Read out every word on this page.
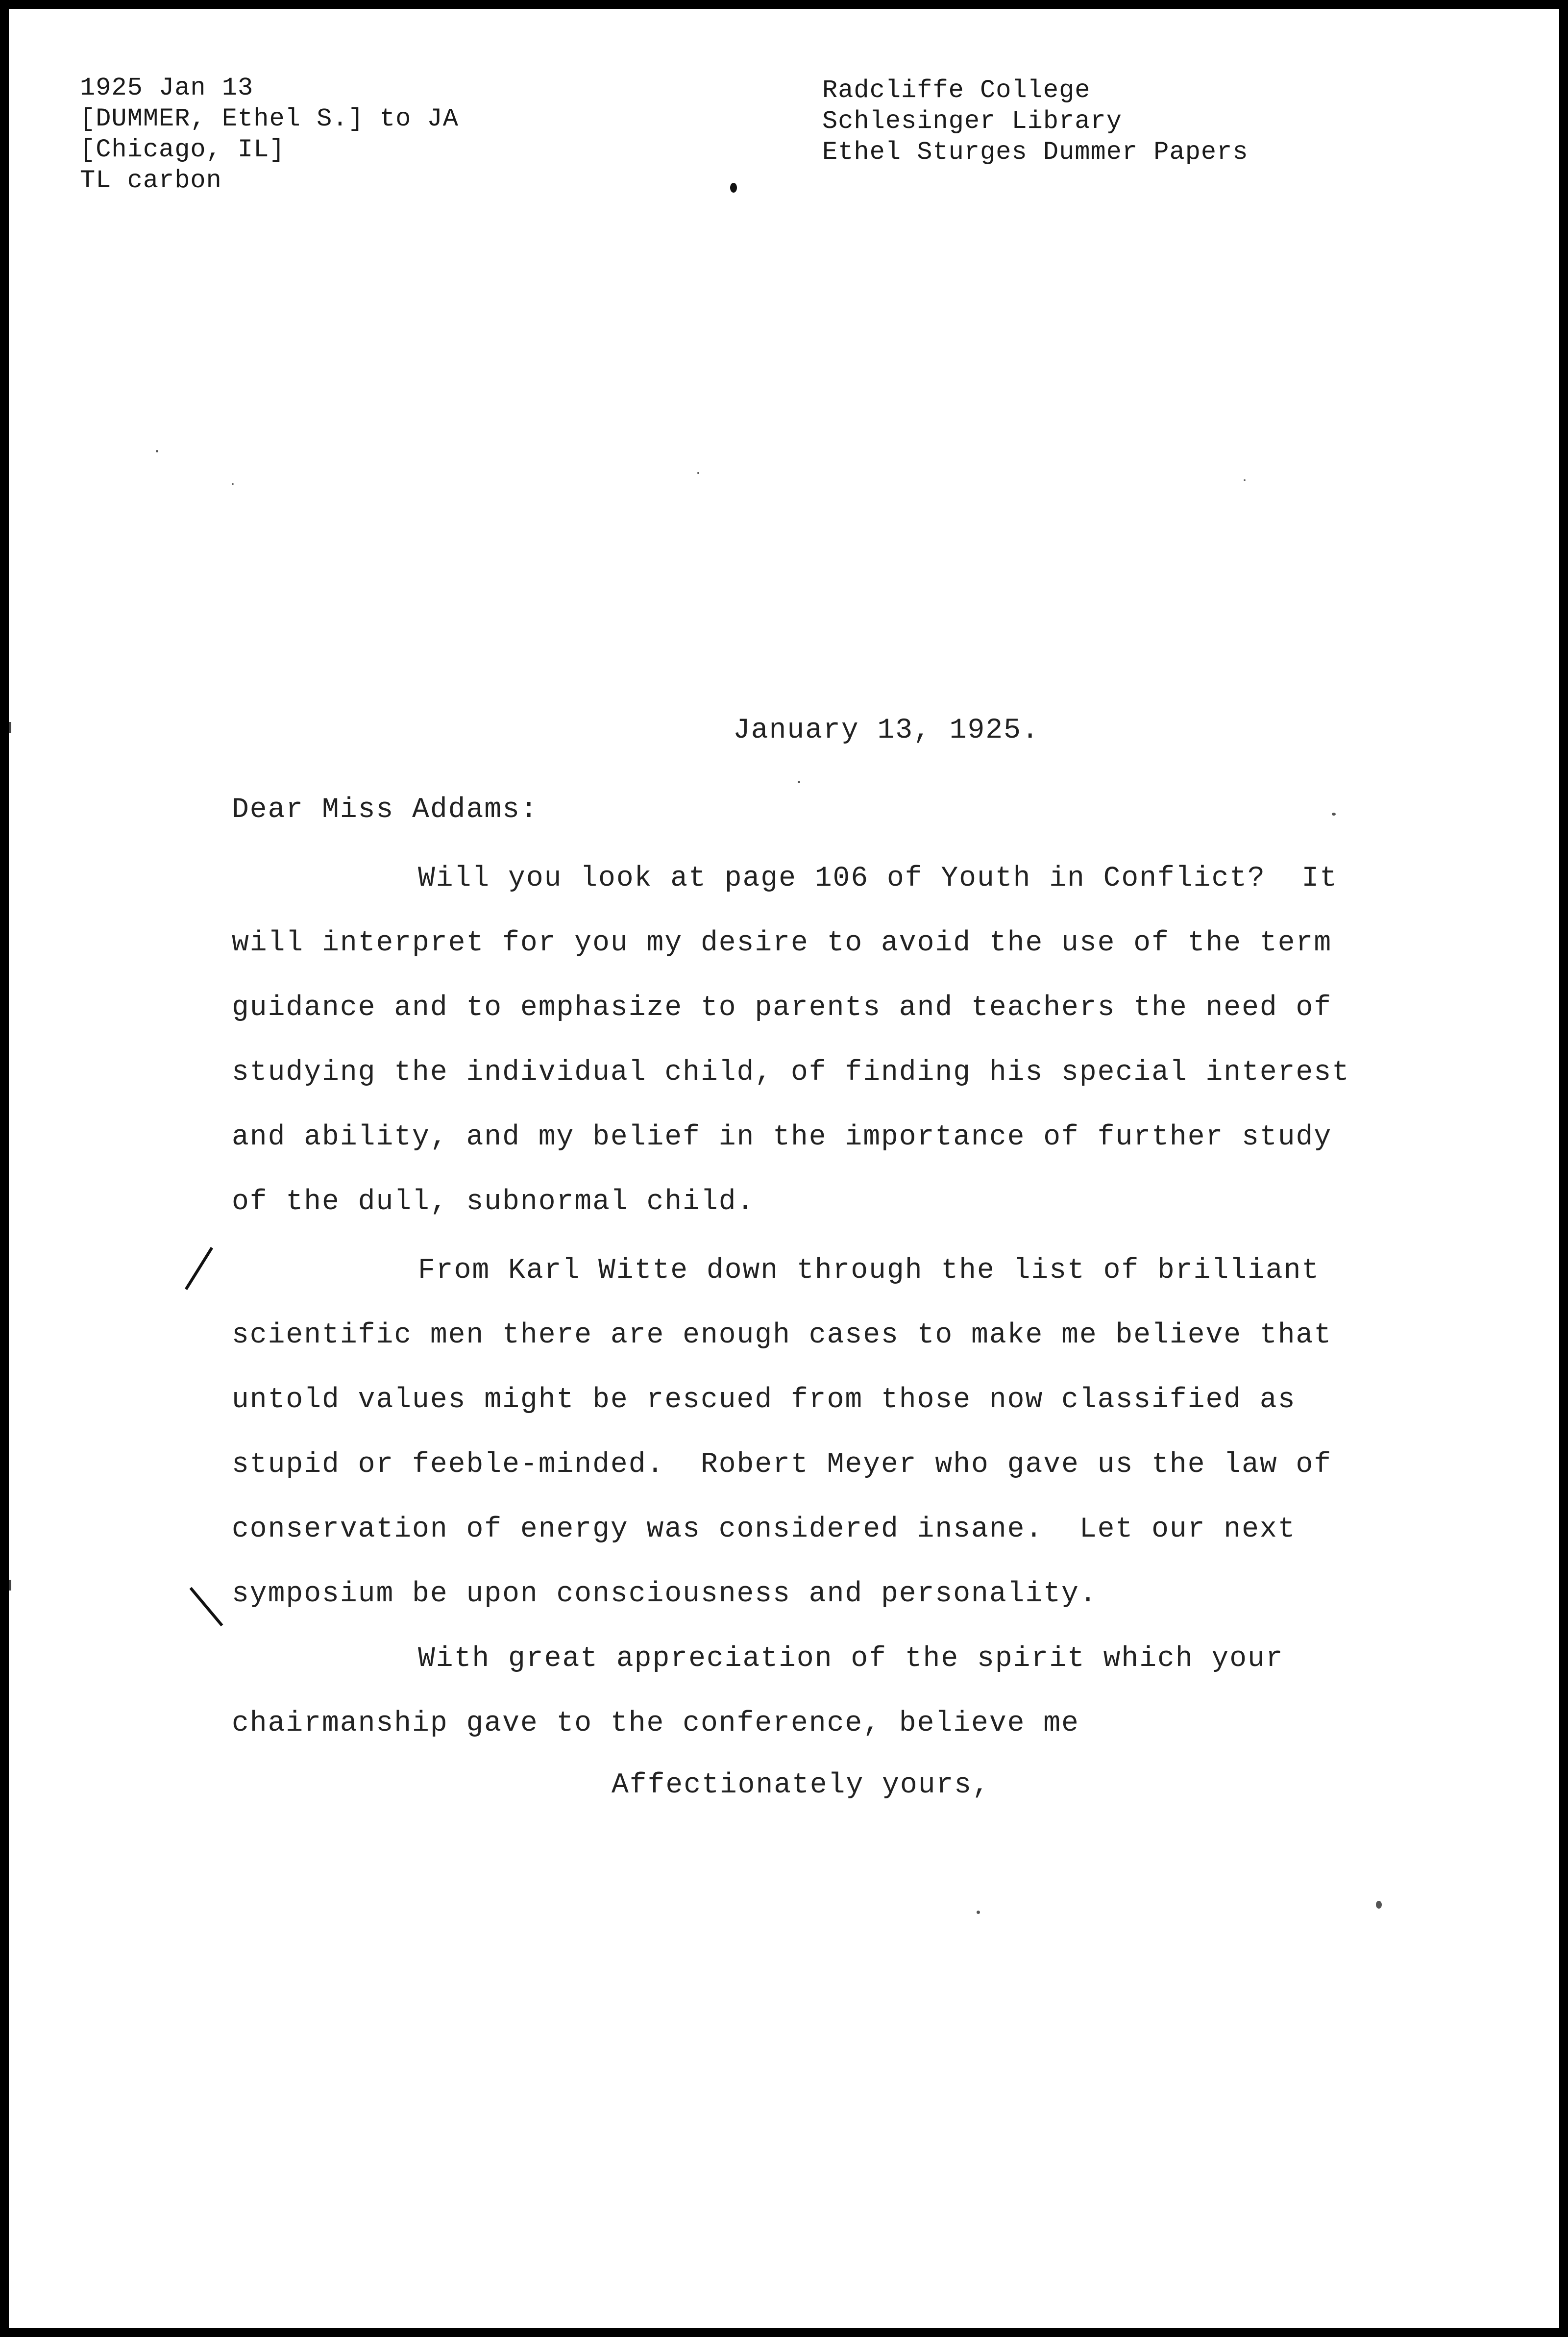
1925 Jan 13
[DUMMER, Ethel S.] to JA
[Chicago, IL]
TL carbon
Radcliffe College
Schlesinger Library
Ethel Sturges Dummer Papers
January 13, 1925.
Dear Miss Addams:
Will you look at page 106 of Youth in Conflict?  It
will interpret for you my desire to avoid the use of the term
guidance and to emphasize to parents and teachers the need of
studying the individual child, of finding his special interest
and ability, and my belief in the importance of further study
of the dull, subnormal child.
From Karl Witte down through the list of brilliant
scientific men there are enough cases to make me believe that
untold values might be rescued from those now classified as
stupid or feeble-minded.  Robert Meyer who gave us the law of
conservation of energy was considered insane.  Let our next
symposium be upon consciousness and personality.
With great appreciation of the spirit which your
chairmanship gave to the conference, believe me
Affectionately yours,
